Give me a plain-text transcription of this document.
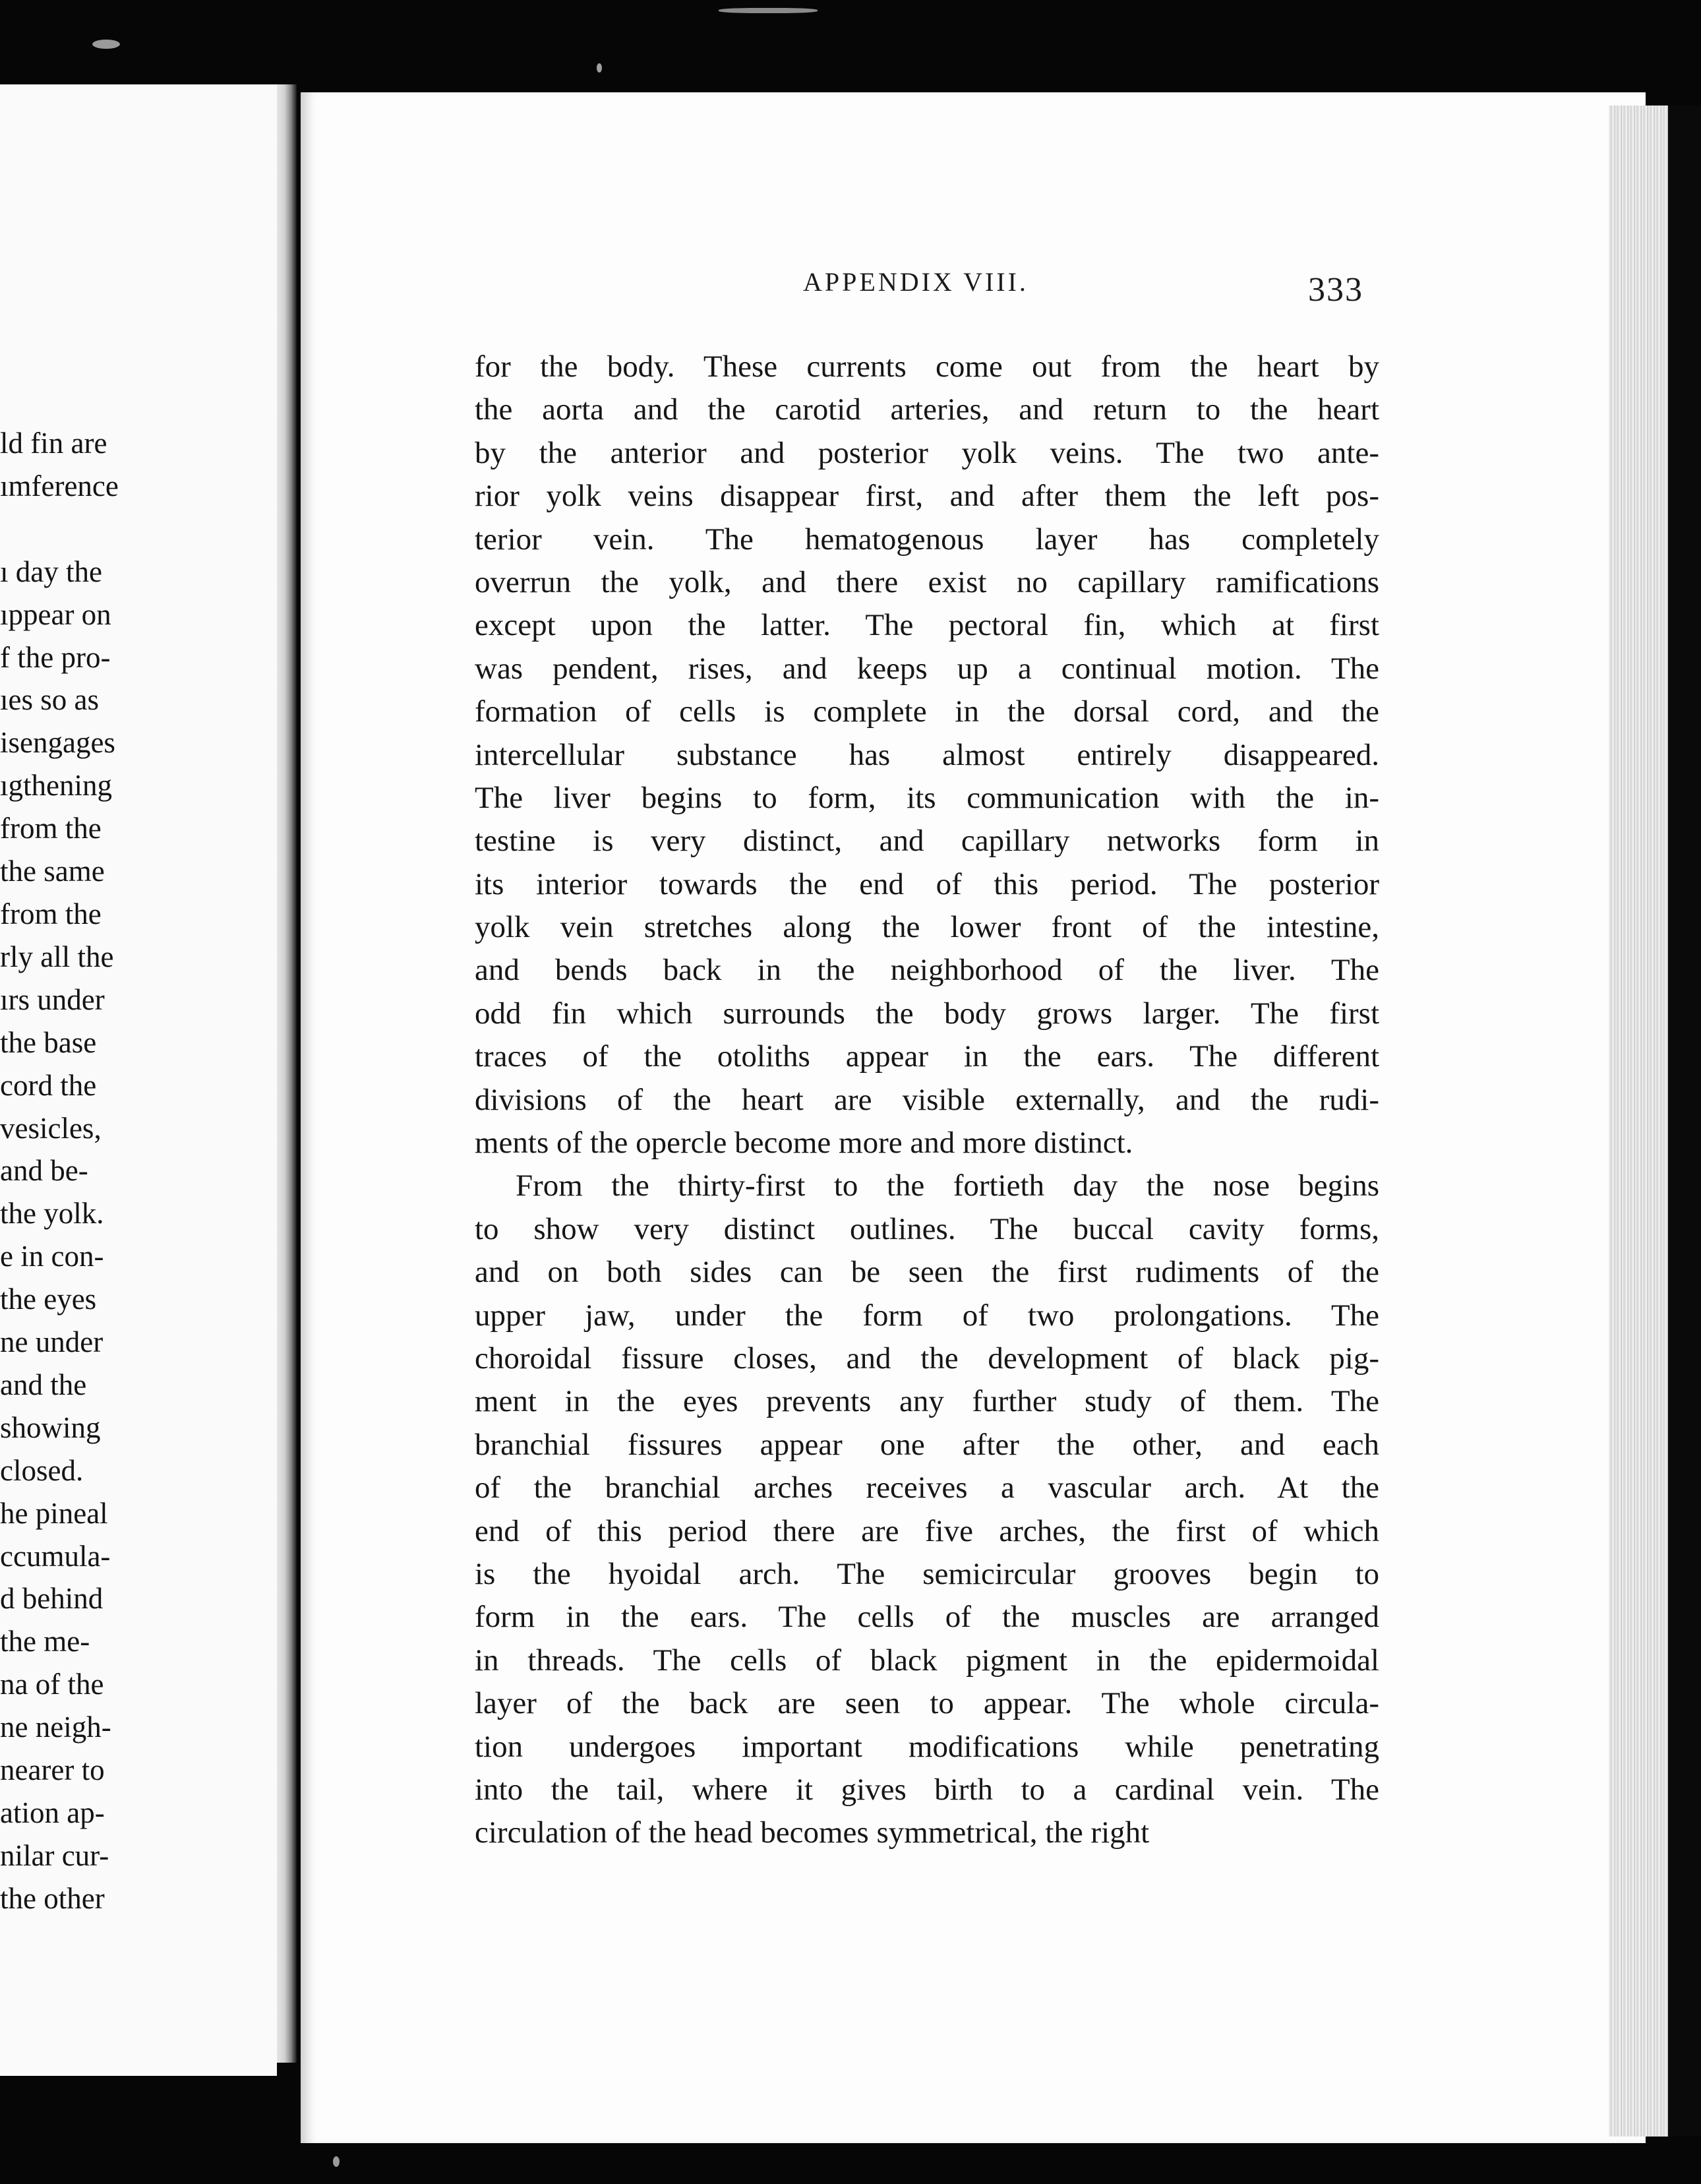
ld fin are
ımference

ı day the
ıppear on
f the pro-
ıes so as
isengages
ıgthening
from the
the same
from the
rly all the
ırs under
the base
cord the
vesicles,
and be-
the yolk.
e in con-
the eyes
ne under
and the
showing
closed.
he pineal
ccumula-
d behind
the me-
na of the
ne neigh-
nearer to
ation ap-
nilar cur-
the other
APPENDIX VIII.	333
for the body. These currents come out from the heart by
the aorta and the carotid arteries, and return to the heart
by the anterior and posterior yolk veins. The two ante-
rior yolk veins disappear first, and after them the left pos-
terior vein. The hematogenous layer has completely
overrun the yolk, and there exist no capillary ramifications
except upon the latter. The pectoral fin, which at first
was pendent, rises, and keeps up a continual motion. The
formation of cells is complete in the dorsal cord, and the
intercellular substance has almost entirely disappeared.
The liver begins to form, its communication with the in-
testine is very distinct, and capillary networks form in
its interior towards the end of this period. The posterior
yolk vein stretches along the lower front of the intestine,
and bends back in the neighborhood of the liver. The
odd fin which surrounds the body grows larger. The first
traces of the otoliths appear in the ears. The different
divisions of the heart are visible externally, and the rudi-
ments of the opercle become more and more distinct.
From the thirty-first to the fortieth day the nose begins
to show very distinct outlines. The buccal cavity forms,
and on both sides can be seen the first rudiments of the
upper jaw, under the form of two prolongations. The
choroidal fissure closes, and the development of black pig-
ment in the eyes prevents any further study of them. The
branchial fissures appear one after the other, and each
of the branchial arches receives a vascular arch. At the
end of this period there are five arches, the first of which
is the hyoidal arch. The semicircular grooves begin to
form in the ears. The cells of the muscles are arranged
in threads. The cells of black pigment in the epidermoidal
layer of the back are seen to appear. The whole circula-
tion undergoes important modifications while penetrating
into the tail, where it gives birth to a cardinal vein. The
circulation of the head becomes symmetrical, the right
